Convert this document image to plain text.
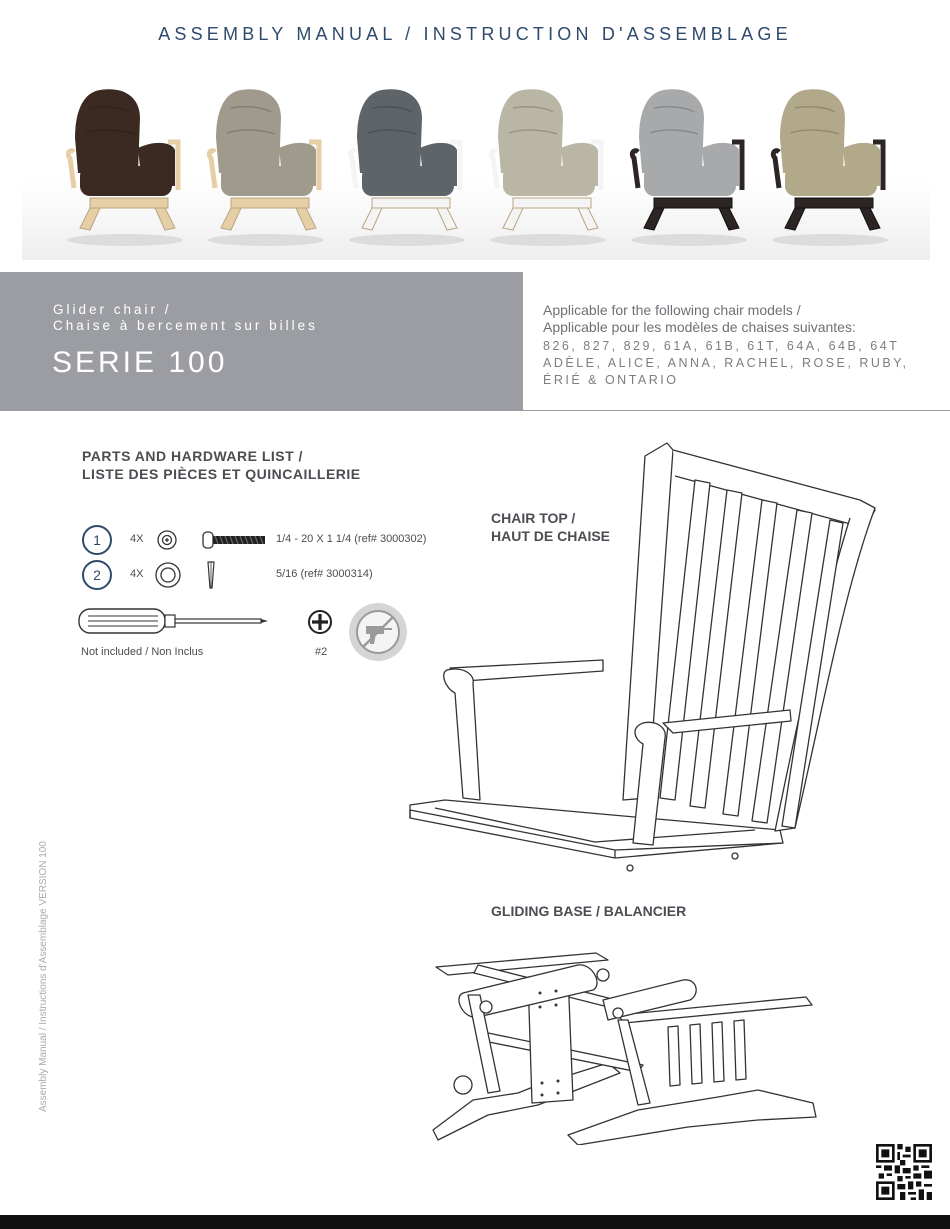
ASSEMBLY MANUAL / INSTRUCTION D'ASSEMBLAGE
Glider chair /
Chaise à bercement sur billes
SERIE 100
Applicable for the following chair models /
Applicable pour les modèles de chaises suivantes:
826, 827, 829, 61A, 61B, 61T, 64A, 64B, 64T
ADÈLE, ALICE, ANNA, RACHEL, ROSE, RUBY,
ÉRIÉ & ONTARIO
PARTS AND HARDWARE LIST /
LISTE DES PIÈCES ET QUINCAILLERIE
1	4X	1/4 - 20 X 1 1/4 (ref# 3000302)
2	4X	5/16 (ref# 3000314)
Not included / Non Inclus	#2
CHAIR TOP /
HAUT DE CHAISE
GLIDING BASE / BALANCIER
Assembly Manual / Instructions d'Assemblage VERSION 100
